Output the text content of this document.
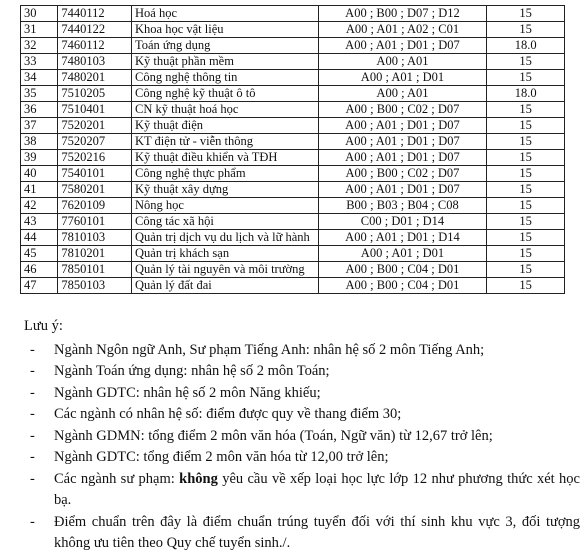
30	7440112	Hoá học	A00 ; B00 ; D07 ; D12	15
31	7440122	Khoa học vật liệu	A00 ; A01 ; A02 ; C01	15
32	7460112	Toán ứng dụng	A00 ; A01 ; D01 ; D07	18.0
33	7480103	Kỹ thuật phần mềm	A00 ; A01	15
34	7480201	Công nghệ thông tin	A00 ; A01 ; D01	15
35	7510205	Công nghệ kỹ thuật ô tô	A00 ; A01	18.0
36	7510401	CN kỹ thuật hoá học	A00 ; B00 ; C02 ; D07	15
37	7520201	Kỹ thuật điện	A00 ; A01 ; D01 ; D07	15
38	7520207	KT điện tử - viễn thông	A00 ; A01 ; D01 ; D07	15
39	7520216	Kỹ thuật điều khiển và TĐH	A00 ; A01 ; D01 ; D07	15
40	7540101	Công nghệ thực phẩm	A00 ; B00 ; C02 ; D07	15
41	7580201	Kỹ thuật xây dựng	A00 ; A01 ; D01 ; D07	15
42	7620109	Nông học	B00 ; B03 ; B04 ; C08	15
43	7760101	Công tác xã hội	C00 ; D01 ; D14	15
44	7810103	Quản trị dịch vụ du lịch và lữ hành	A00 ; A01 ; D01 ; D14	15
45	7810201	Quản trị khách sạn	A00 ; A01 ; D01	15
46	7850101	Quản lý tài nguyên và môi trường	A00 ; B00 ; C04 ; D01	15
47	7850103	Quản lý đất đai	A00 ; B00 ; C04 ; D01	15
Lưu ý:
-	Ngành Ngôn ngữ Anh, Sư phạm Tiếng Anh: nhân hệ số 2 môn Tiếng Anh;
-	Ngành Toán ứng dụng: nhân hệ số 2 môn Toán;
-	Ngành GDTC: nhân hệ số 2 môn Năng khiếu;
-	Các ngành có nhân hệ số: điểm được quy về thang điểm 30;
-	Ngành GDMN: tổng điểm 2 môn văn hóa (Toán, Ngữ văn) từ 12,67 trở lên;
-	Ngành GDTC: tổng điểm 2 môn văn hóa từ 12,00 trở lên;
-	Các ngành sư phạm: không yêu cầu về xếp loại học lực lớp 12 như phương thức xét học bạ.
-	Điểm chuẩn trên đây là điểm chuẩn trúng tuyển đối với thí sinh khu vực 3, đối tượng không ưu tiên theo Quy chế tuyển sinh./.
